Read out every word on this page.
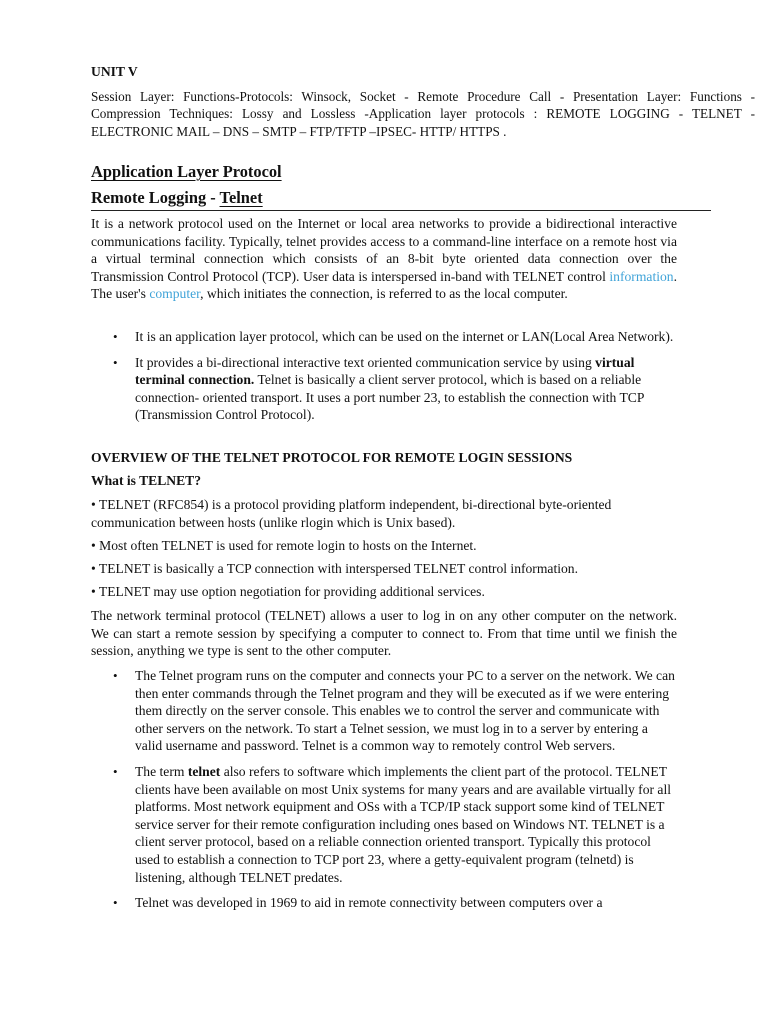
UNIT V
Session Layer: Functions-Protocols: Winsock, Socket - Remote Procedure Call - Presentation Layer: Functions - Compression Techniques: Lossy and Lossless -Application layer protocols : REMOTE LOGGING - TELNET - ELECTRONIC MAIL – DNS – SMTP – FTP/TFTP –IPSEC- HTTP/ HTTPS .
Application Layer Protocol
Remote Logging - Telnet
It is a network protocol used on the Internet or local area networks to provide a bidirectional interactive communications facility. Typically, telnet provides access to a command-line interface on a remote host via a virtual terminal connection which consists of an 8-bit byte oriented data connection over the Transmission Control Protocol (TCP). User data is interspersed in-band with TELNET control information. The user's computer, which initiates the connection, is referred to as the local computer.
• It is an application layer protocol, which can be used on the internet or LAN(Local Area Network).
• It provides a bi-directional interactive text oriented communication service by using virtual terminal connection. Telnet is basically a client server protocol, which is based on a reliable connection- oriented transport. It uses a port number 23, to establish the connection with TCP (Transmission Control Protocol).
OVERVIEW OF THE TELNET PROTOCOL FOR REMOTE LOGIN SESSIONS
What is TELNET?
• TELNET (RFC854) is a protocol providing platform independent, bi-directional byte-oriented communication between hosts (unlike rlogin which is Unix based).
• Most often TELNET is used for remote login to hosts on the Internet.
• TELNET is basically a TCP connection with interspersed TELNET control information.
• TELNET may use option negotiation for providing additional services.
The network terminal protocol (TELNET) allows a user to log in on any other computer on the network. We can start a remote session by specifying a computer to connect to. From that time until we finish the session, anything we type is sent to the other computer.
• The Telnet program runs on the computer and connects your PC to a server on the network. We can then enter commands through the Telnet program and they will be executed as if we were entering them directly on the server console. This enables we to control the server and communicate with other servers on the network. To start a Telnet session, we must log in to a server by entering a valid username and password. Telnet is a common way to remotely control Web servers.
• The term telnet also refers to software which implements the client part of the protocol. TELNET clients have been available on most Unix systems for many years and are available virtually for all platforms. Most network equipment and OSs with a TCP/IP stack support some kind of TELNET service server for their remote configuration including ones based on Windows NT. TELNET is a client server protocol, based on a reliable connection oriented transport. Typically this protocol used to establish a connection to TCP port 23, where a getty-equivalent program (telnetd) is listening, although TELNET predates.
• Telnet was developed in 1969 to aid in remote connectivity between computers over a
